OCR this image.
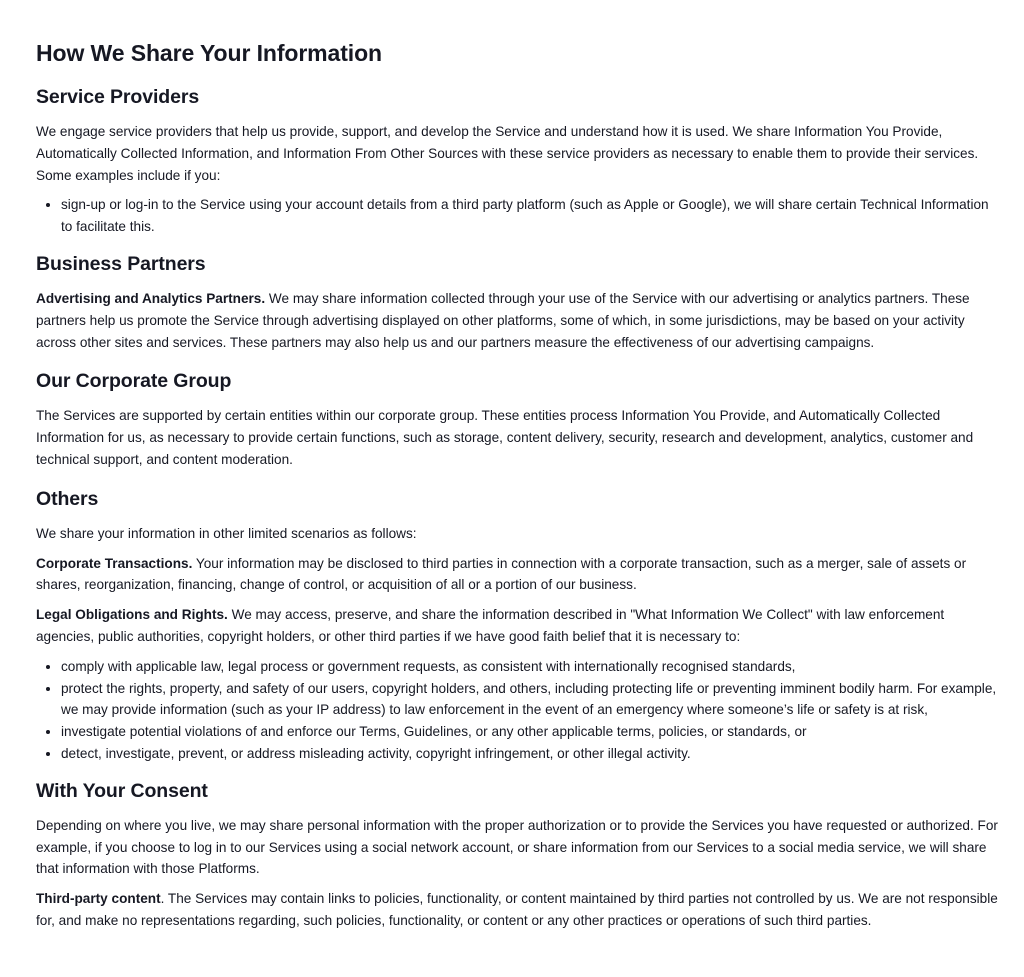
How We Share Your Information
Service Providers

We engage service providers that help us provide, support, and develop the Service and understand how it is used. We share Information You Provide, Automatically Collected Information, and Information From Other Sources with these service providers as necessary to enable them to provide their services. Some examples include if you:

• sign-up or log-in to the Service using your account details from a third party platform (such as Apple or Google), we will share certain Technical Information to facilitate this.
Business Partners

Advertising and Analytics Partners. We may share information collected through your use of the Service with our advertising or analytics partners. These partners help us promote the Service through advertising displayed on other platforms, some of which, in some jurisdictions, may be based on your activity across other sites and services. These partners may also help us and our partners measure the effectiveness of our advertising campaigns.

Our Corporate Group

The Services are supported by certain entities within our corporate group. These entities process Information You Provide, and Automatically Collected Information for us, as necessary to provide certain functions, such as storage, content delivery, security, research and development, analytics, customer and technical support, and content moderation.

Others

We share your information in other limited scenarios as follows:

Corporate Transactions. Your information may be disclosed to third parties in connection with a corporate transaction, such as a merger, sale of assets or shares, reorganization, financing, change of control, or acquisition of all or a portion of our business.

Legal Obligations and Rights. We may access, preserve, and share the information described in "What Information We Collect" with law enforcement agencies, public authorities, copyright holders, or other third parties if we have good faith belief that it is necessary to:

• comply with applicable law, legal process or government requests, as consistent with internationally recognised standards,
• protect the rights, property, and safety of our users, copyright holders, and others, including protecting life or preventing imminent bodily harm. For example, we may provide information (such as your IP address) to law enforcement in the event of an emergency where someone’s life or safety is at risk,
• investigate potential violations of and enforce our Terms, Guidelines, or any other applicable terms, policies, or standards, or
• detect, investigate, prevent, or address misleading activity, copyright infringement, or other illegal activity.
With Your Consent

Depending on where you live, we may share personal information with the proper authorization or to provide the Services you have requested or authorized. For example, if you choose to log in to our Services using a social network account, or share information from our Services to a social media service, we will share that information with those Platforms.

Third-party content. The Services may contain links to policies, functionality, or content maintained by third parties not controlled by us. We are not responsible for, and make no representations regarding, such policies, functionality, or content or any other practices or operations of such third parties.
